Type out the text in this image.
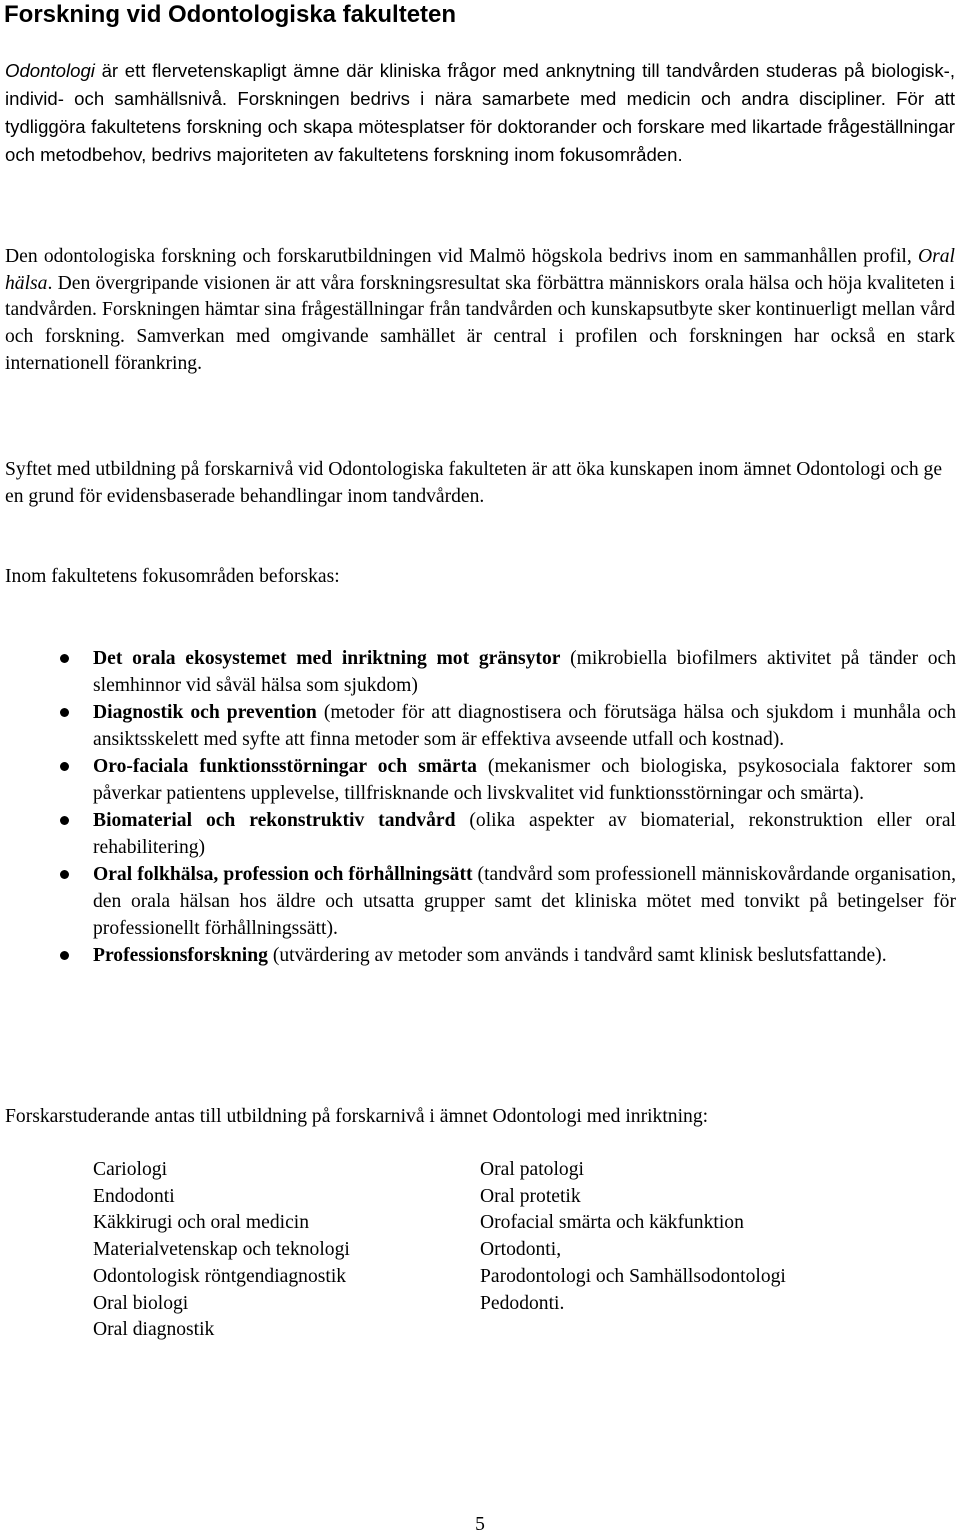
Forskning vid Odontologiska fakulteten

Odontologi är ett flervetenskapligt ämne där kliniska frågor med anknytning till tandvården studeras på biologisk-, individ- och samhällsnivå. Forskningen bedrivs i nära samarbete med medicin och andra discipliner. För att tydliggöra fakultetens forskning och skapa mötesplatser för doktorander och forskare med likartade frågeställningar och metodbehov, bedrivs majoriteten av fakultetens forskning inom fokusområden.

Den odontologiska forskning och forskarutbildningen vid Malmö högskola bedrivs inom en sammanhållen profil, Oral hälsa. Den övergripande visionen är att våra forskningsresultat ska förbättra människors orala hälsa och höja kvaliteten i tandvården. Forskningen hämtar sina frågeställningar från tandvården och kunskapsutbyte sker kontinuerligt mellan vård och forskning. Samverkan med omgivande samhället är central i profilen och forskningen har också en stark internationell förankring.

Syftet med utbildning på forskarnivå vid Odontologiska fakulteten är att öka kunskapen inom ämnet Odontologi och ge en grund för evidensbaserade behandlingar inom tandvården.

Inom fakultetens fokusområden beforskas:

Det orala ekosystemet med inriktning mot gränsytor (mikrobiella biofilmers aktivitet på tänder och slemhinnor vid såväl hälsa som sjukdom)
Diagnostik och prevention (metoder för att diagnostisera och förutsäga hälsa och sjukdom i munhåla och ansiktsskelett med syfte att finna metoder som är effektiva avseende utfall och kostnad).
Oro-faciala funktionsstörningar och smärta (mekanismer och biologiska, psykosociala faktorer som påverkar patientens upplevelse, tillfrisknande och livskvalitet vid funktionsstörningar och smärta).
Biomaterial och rekonstruktiv tandvård (olika aspekter av biomaterial, rekonstruktion eller oral rehabilitering)
Oral folkhälsa, profession och förhållningsätt (tandvård som professionell människovårdande organisation, den orala hälsan hos äldre och utsatta grupper samt det kliniska mötet med tonvikt på betingelser för professionellt förhållningssätt).
Professionsforskning (utvärdering av metoder som används i tandvård samt klinisk beslutsfattande).

Forskarstuderande antas till utbildning på forskarnivå i ämnet Odontologi med inriktning:

Cariologi
Endodonti
Käkkirugi och oral medicin
Materialvetenskap och teknologi
Odontologisk röntgendiagnostik
Oral biologi
Oral diagnostik
Oral patologi
Oral protetik
Orofacial smärta och käkfunktion
Ortodonti,
Parodontologi och Samhällsodontologi
Pedodonti.
5
